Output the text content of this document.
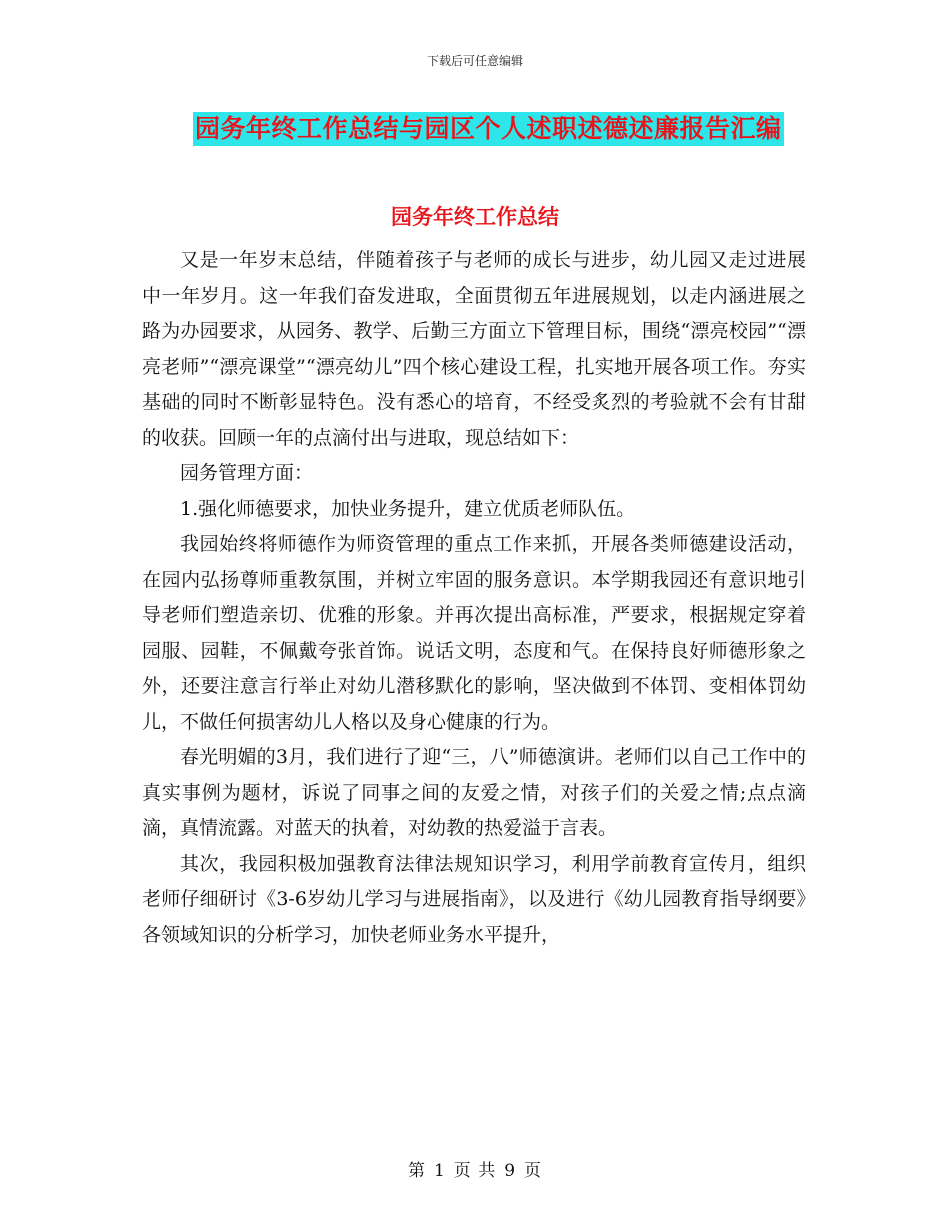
下载后可任意编辑
园务年终工作总结与园区个人述职述德述廉报告汇编
园务年终工作总结

又是一年岁末总结，伴随着孩子与老师的成长与进步，幼儿园又走过进展中一年岁月。这一年我们奋发进取，全面贯彻五年进展规划，以走内涵进展之路为办园要求，从园务、教学、后勤三方面立下管理目标，围绕“漂亮校园”“漂亮老师”“漂亮课堂”“漂亮幼儿”四个核心建设工程，扎实地开展各项工作。夯实基础的同时不断彰显特色。没有悉心的培育，不经受炙烈的考验就不会有甘甜的收获。回顾一年的点滴付出与进取，现总结如下：

园务管理方面：

1.强化师德要求，加快业务提升，建立优质老师队伍。

我园始终将师德作为师资管理的重点工作来抓，开展各类师德建设活动，在园内弘扬尊师重教氛围，并树立牢固的服务意识。本学期我园还有意识地引导老师们塑造亲切、优雅的形象。并再次提出高标准，严要求，根据规定穿着园服、园鞋，不佩戴夸张首饰。说话文明，态度和气。在保持良好师德形象之外，还要注意言行举止对幼儿潜移默化的影响，坚决做到不体罚、变相体罚幼儿，不做任何损害幼儿人格以及身心健康的行为。

春光明媚的3月，我们进行了迎“三，八”师德演讲。老师们以自己工作中的真实事例为题材，诉说了同事之间的友爱之情，对孩子们的关爱之情;点点滴滴，真情流露。对蓝天的执着，对幼教的热爱溢于言表。

其次，我园积极加强教育法律法规知识学习，利用学前教育宣传月，组织老师仔细研讨《3-6岁幼儿学习与进展指南》，以及进行《幼儿园教育指导纲要》各领域知识的分析学习，加快老师业务水平提升，

第 1 页 共 9 页
